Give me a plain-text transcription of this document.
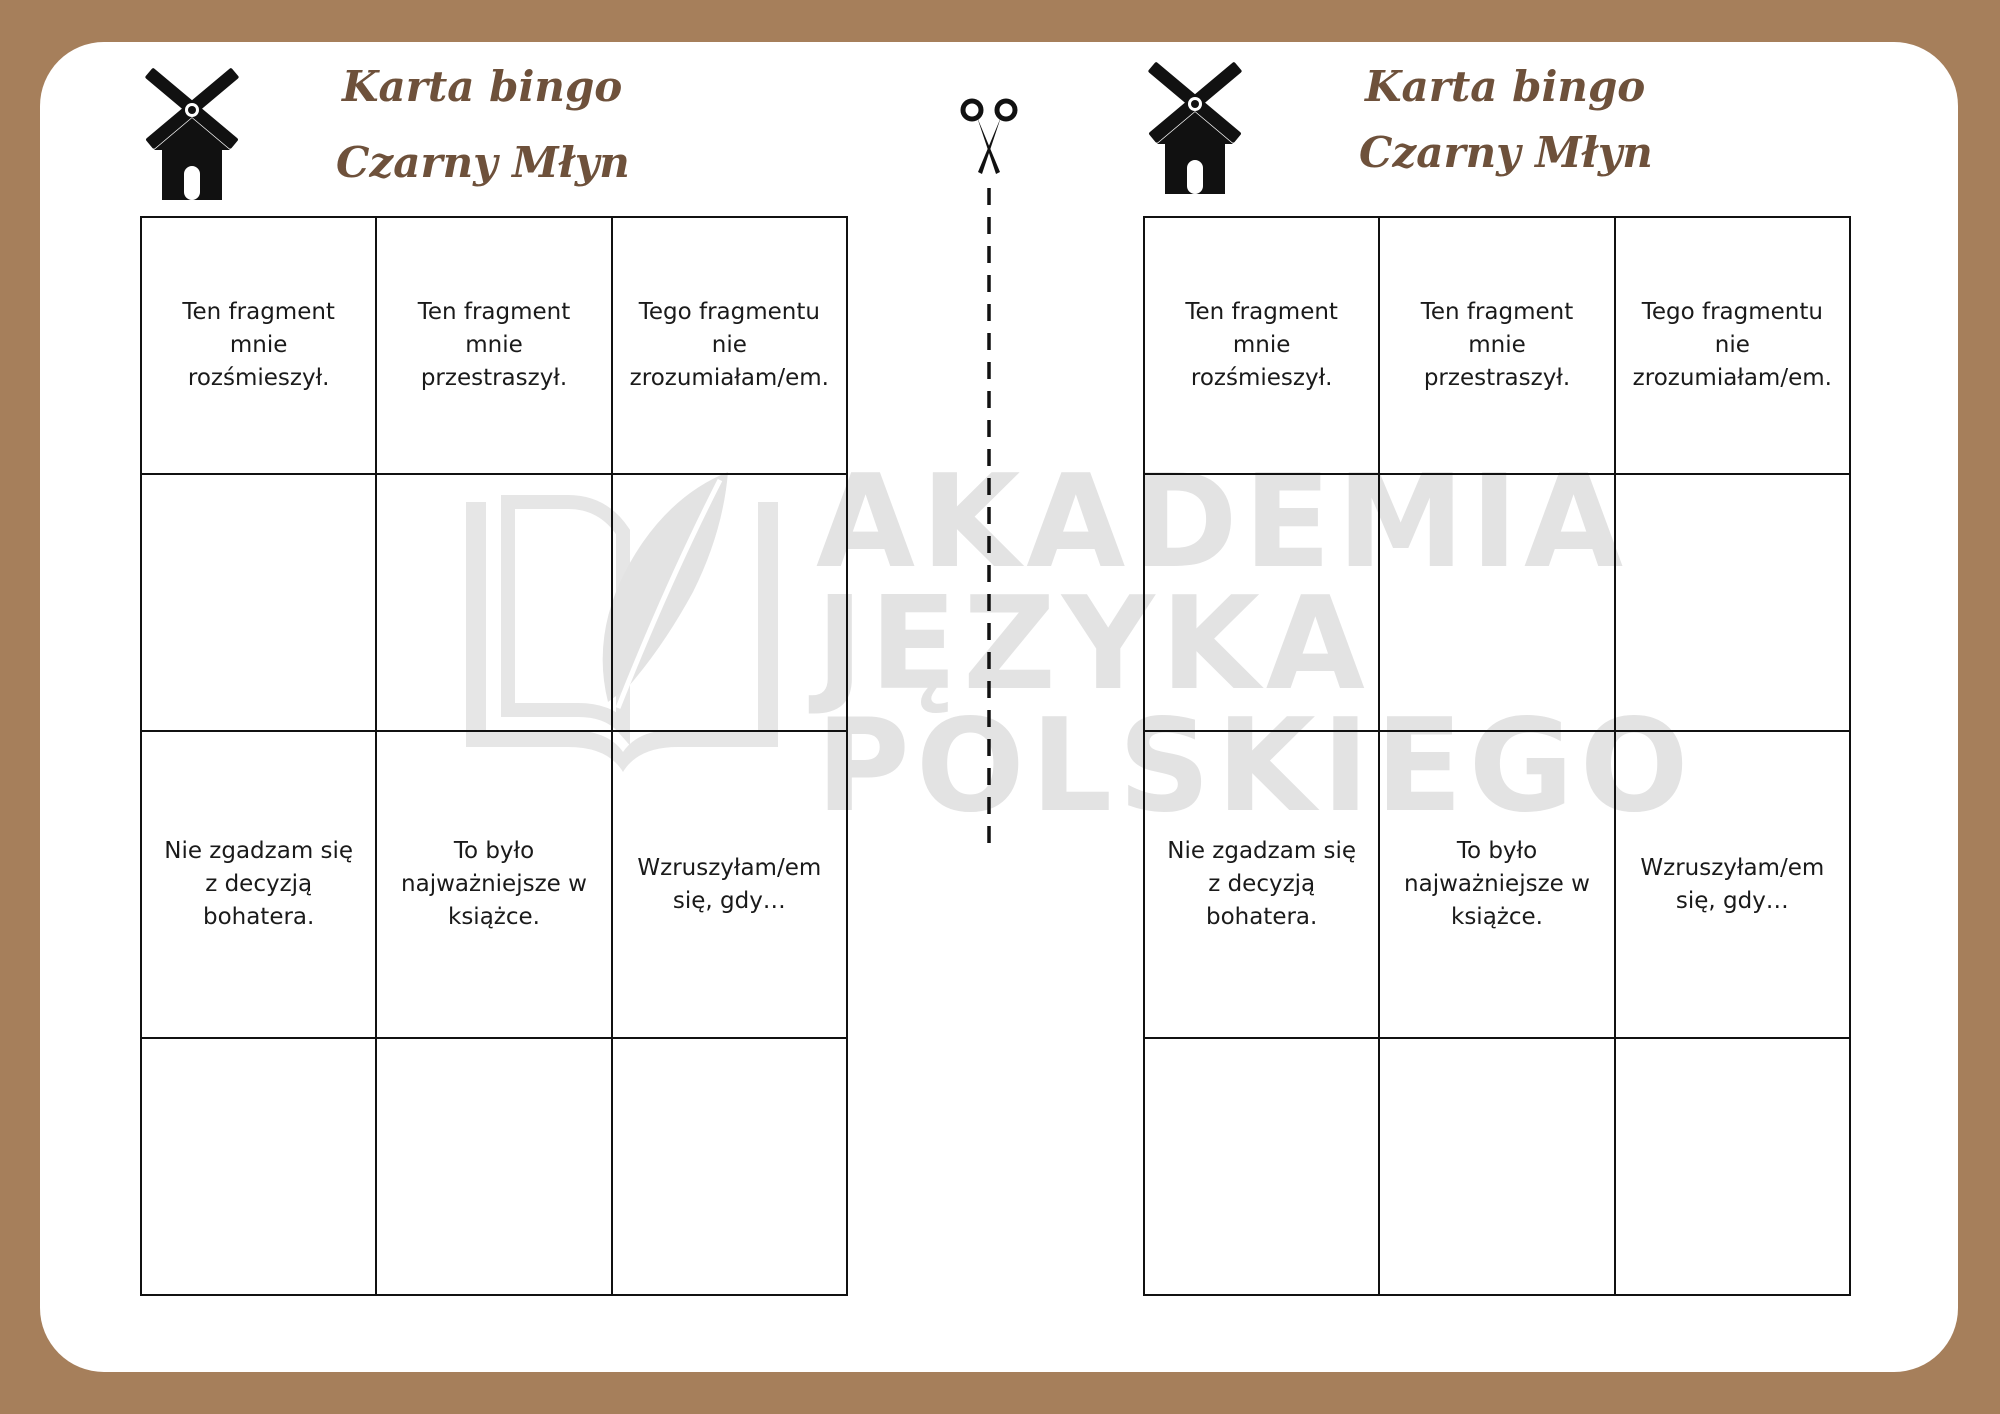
AKADEMIA
JĘZYKA
POLSKIEGO
Karta bingo
Czarny Młyn
Ten fragment mnie rozśmieszył.	Ten fragment mnie przestraszył.	Tego fragmentu nie zrozumiałam/em.

Nie zgadzam się z decyzją bohatera.	To było najważniejsze w książce.	Wzruszyłam/em się, gdy…

Karta bingo
Czarny Młyn
Ten fragment mnie rozśmieszył.	Ten fragment mnie przestraszył.	Tego fragmentu nie zrozumiałam/em.

Nie zgadzam się z decyzją bohatera.	To było najważniejsze w książce.	Wzruszyłam/em się, gdy…
